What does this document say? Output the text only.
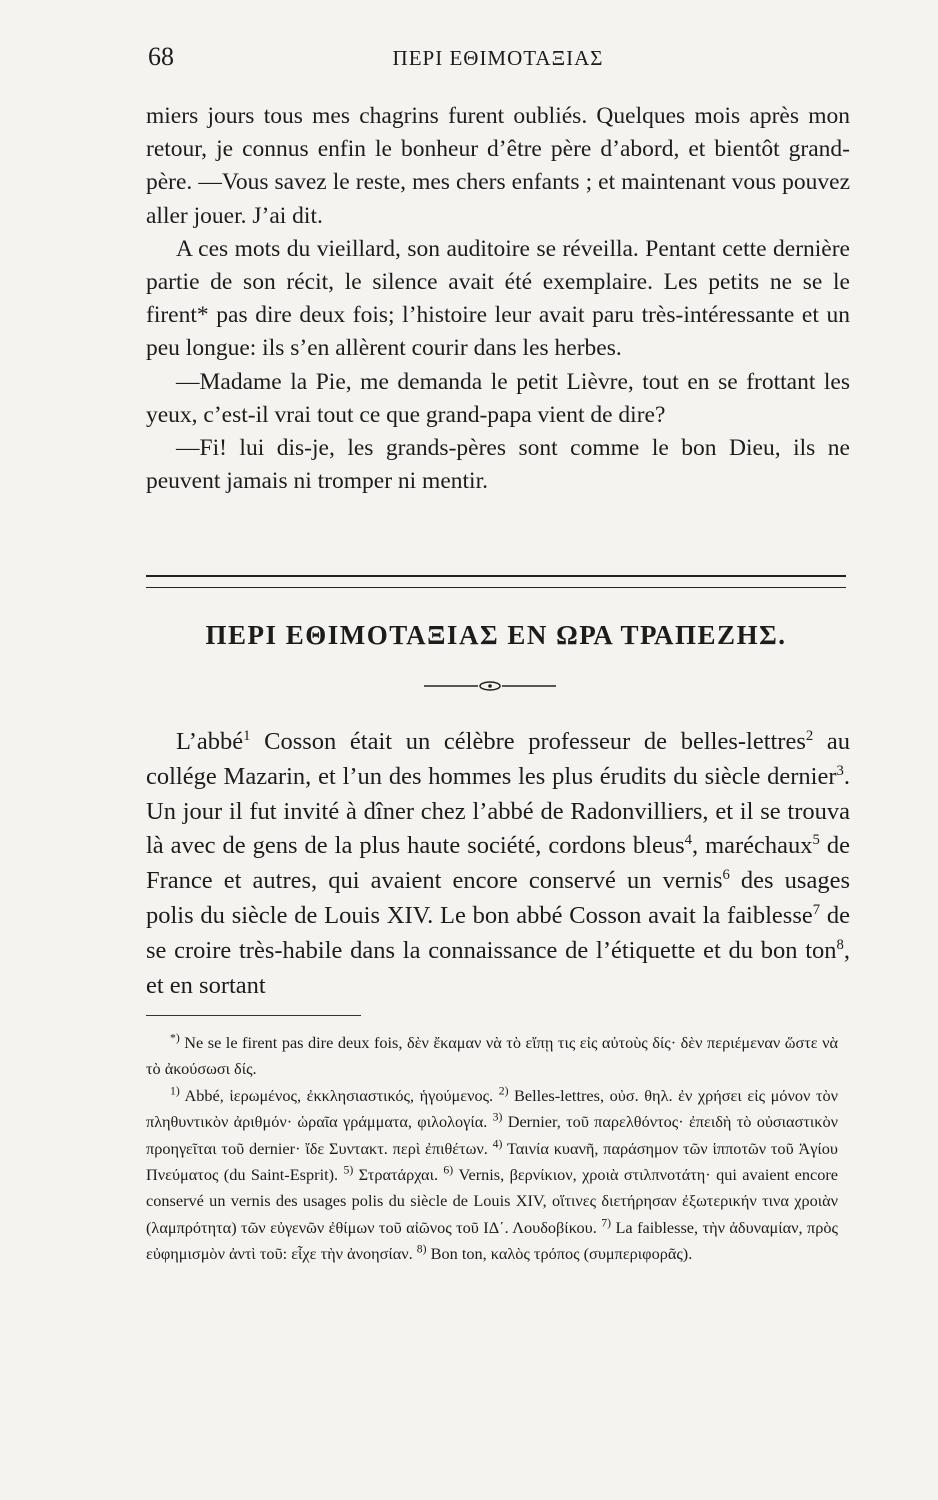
68	ΠΕΡΙ ΕΘΙΜΟΤΑΞΙΑΣ

miers jours tous mes chagrins furent oubliés. Quelques mois après mon retour, je connus enfin le bonheur d’être père d’abord, et bientôt grand-père. —Vous savez le reste, mes chers enfants ; et maintenant vous pouvez aller jouer. J’ai dit.

A ces mots du vieillard, son auditoire se réveilla. Pentant cette dernière partie de son récit, le silence avait été exemplaire. Les petits ne se le firent* pas dire deux fois; l’histoire leur avait paru très-intéressante et un peu longue: ils s’en allèrent courir dans les herbes.

—Madame la Pie, me demanda le petit Lièvre, tout en se frottant les yeux, c’est-il vrai tout ce que grand-papa vient de dire?

—Fi! lui dis-je, les grands-pères sont comme le bon Dieu, ils ne peuvent jamais ni tromper ni mentir.

ΠΕΡΙ ΕΘΙΜΟΤΑΞΙΑΣ ΕΝ ΩΡΑ ΤΡΑΠΕΖΗΣ.

L’abbé$^1$ Cosson était un célèbre professeur de belles-lettres$^2$ au collége Mazarin, et l’un des hommes les plus érudits du siècle dernier$^3$. Un jour il fut invité à dîner chez l’abbé de Radonvilliers, et il se trouva là avec de gens de la plus haute société, cordons bleus$^4$, maréchaux$^5$ de France et autres, qui avaient encore conservé un vernis$^6$ des usages polis du siècle de Louis XIV. Le bon abbé Cosson avait la faiblesse$^7$ de se croire très-habile dans la connaissance de l’étiquette et du bon ton$^8$, et en sortant

*) Ne se le firent pas dire deux fois, δὲν ἔκαμαν νὰ τὸ εἴπῃ τις εἰς αὐτοὺς δίς· δὲν περιέμεναν ὥστε νὰ τὸ ἀκούσωσι δίς.

$^{1)}$ Abbé, ἱερωμένος, ἐκκλησιαστικός, ἡγούμενος. $^{2)}$ Belles-lettres, οὐσ. θηλ. ἐν χρήσει εἰς μόνον τὸν πληθυντικὸν ἀριθμόν· ὡραῖα γράμματα, φιλολογία. $^{3)}$ Dernier, τοῦ παρελθόντος· ἐπειδὴ τὸ οὐσιαστικὸν προηγεῖται τοῦ dernier· ἴδε Συντακτ. περὶ ἐπιθέτων. $^{4)}$ Ταινία κυανῆ, παράσημον τῶν ἱπποτῶν τοῦ Ἁγίου Πνεύματος (du Saint-Esprit). $^{5)}$ Στρατάρχαι. $^{6)}$ Vernis, βερνίκιον, χροιὰ στιλπνοτάτη· qui avaient encore conservé un vernis des usages polis du siècle de Louis XIV, οἵτινες διετήρησαν ἐξωτερικήν τινα χροιὰν (λαμπρότητα) τῶν εὐγενῶν ἐθίμων τοῦ αἰῶνος τοῦ ΙΔ΄. Λουδοβίκου. $^{7)}$ La faiblesse, τὴν ἀδυναμίαν, πρὸς εὐφημισμὸν ἀντὶ τοῦ: εἶχε τὴν ἀνοησίαν. $^{8)}$ Bon ton, καλὸς τρόπος (συμπεριφορᾶς).
